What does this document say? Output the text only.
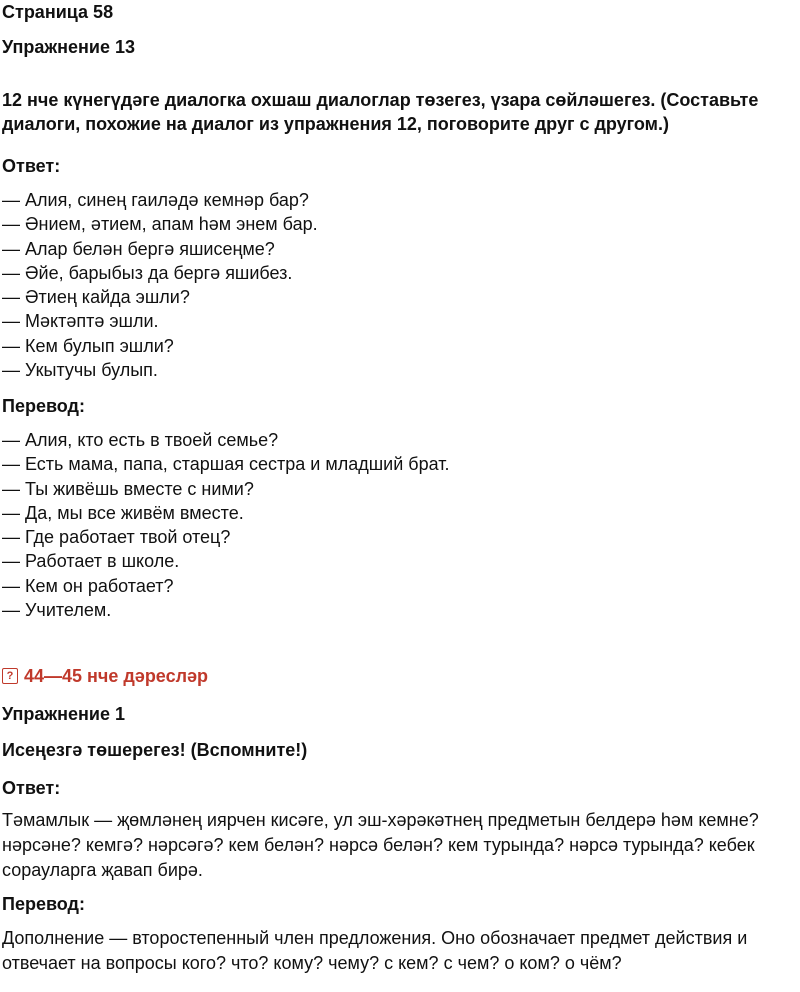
Страница 58
Упражнение 13

12 нче күнегүдәге диалогка охшаш диалоглар төзегез, үзара сөйләшегез. (Составьте диалоги, похожие на диалог из упражнения 12, поговорите друг с другом.)

Ответ:
— Алия, синең гаиләдә кемнәр бар?
— Әнием, әтием, апам һәм энем бар.
— Алар белән бергә яшисеңме?
— Әйе, барыбыз да бергә яшибез.
— Әтиең кайда эшли?
— Мәктәптә эшли.
— Кем булып эшли?
— Укытучы булып.
Перевод:
— Алия, кто есть в твоей семье?
— Есть мама, папа, старшая сестра и младший брат.
— Ты живёшь вместе с ними?
— Да, мы все живём вместе.
— Где работает твой отец?
— Работает в школе.
— Кем он работает?
— Учителем.
? 44—45 нче дәресләр
Упражнение 1

Исеңезгә төшерегез! (Вспомните!)

Ответ:

Тәмамлык — җөмләнең иярчен кисәге, ул эш-хәрәкәтнең предметын белдерә һәм кемне? нәрсәне? кемгә? нәрсәгә? кем белән? нәрсә белән? кем турында? нәрсә турында? кебек сорауларга җавап бирә.

Перевод:

Дополнение — второстепенный член предложения. Оно обозначает предмет действия и отвечает на вопросы кого? что? кому? чему? с кем? с чем? о ком? о чём?
